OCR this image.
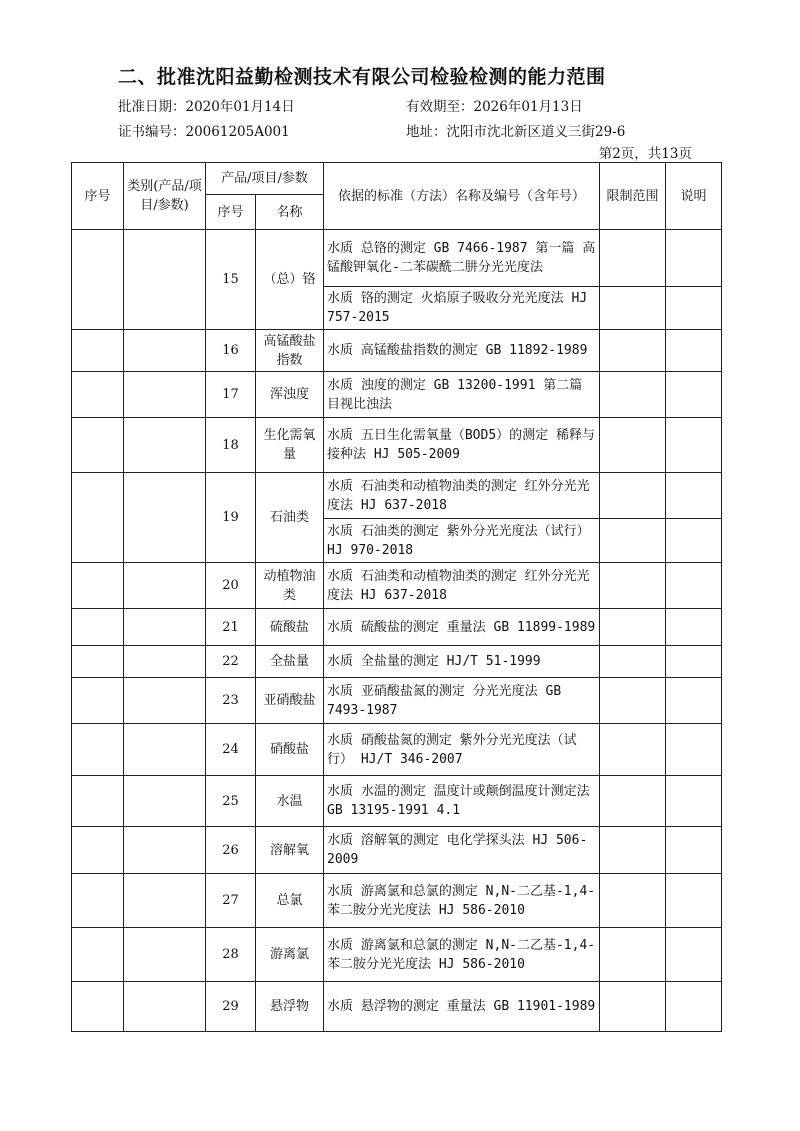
二、批准沈阳益勤检测技术有限公司检验检测的能力范围
批准日期：2020年01月14日	有效期至：2026年01月13日
证书编号：20061205A001	地址：沈阳市沈北新区道义三街29-6
第2页，共13页
序号	类别(产品/项目/参数)	产品/项目/参数		依据的标准（方法）名称及编号（含年号）	限制范围	说明
		序号	名称			
		15	（总）铬	水质 总铬的测定 GB 7466-1987 第一篇 高锰酸钾氧化-二苯碳酰二肼分光光度法		
				水质 铬的测定 火焰原子吸收分光光度法 HJ 757-2015		
		16	高锰酸盐指数	水质 高锰酸盐指数的测定 GB 11892-1989		
		17	浑浊度	水质 浊度的测定 GB 13200-1991 第二篇 目视比浊法		
		18	生化需氧量	水质 五日生化需氧量（BOD5）的测定 稀释与接种法 HJ 505-2009		
		19	石油类	水质 石油类和动植物油类的测定 红外分光光度法 HJ 637-2018		
				水质 石油类的测定 紫外分光光度法（试行）HJ 970-2018		
		20	动植物油类	水质 石油类和动植物油类的测定 红外分光光度法 HJ 637-2018		
		21	硫酸盐	水质 硫酸盐的测定 重量法 GB 11899-1989		
		22	全盐量	水质 全盐量的测定 HJ/T 51-1999		
		23	亚硝酸盐	水质 亚硝酸盐氮的测定 分光光度法 GB 7493-1987		
		24	硝酸盐	水质 硝酸盐氮的测定 紫外分光光度法（试行） HJ/T 346-2007		
		25	水温	水质 水温的测定 温度计或颠倒温度计测定法 GB 13195-1991 4.1		
		26	溶解氧	水质 溶解氧的测定 电化学探头法 HJ 506-2009		
		27	总氯	水质 游离氯和总氯的测定 N,N-二乙基-1,4-苯二胺分光光度法 HJ 586-2010		
		28	游离氯	水质 游离氯和总氯的测定 N,N-二乙基-1,4-苯二胺分光光度法 HJ 586-2010		
		29	悬浮物	水质 悬浮物的测定 重量法 GB 11901-1989		
